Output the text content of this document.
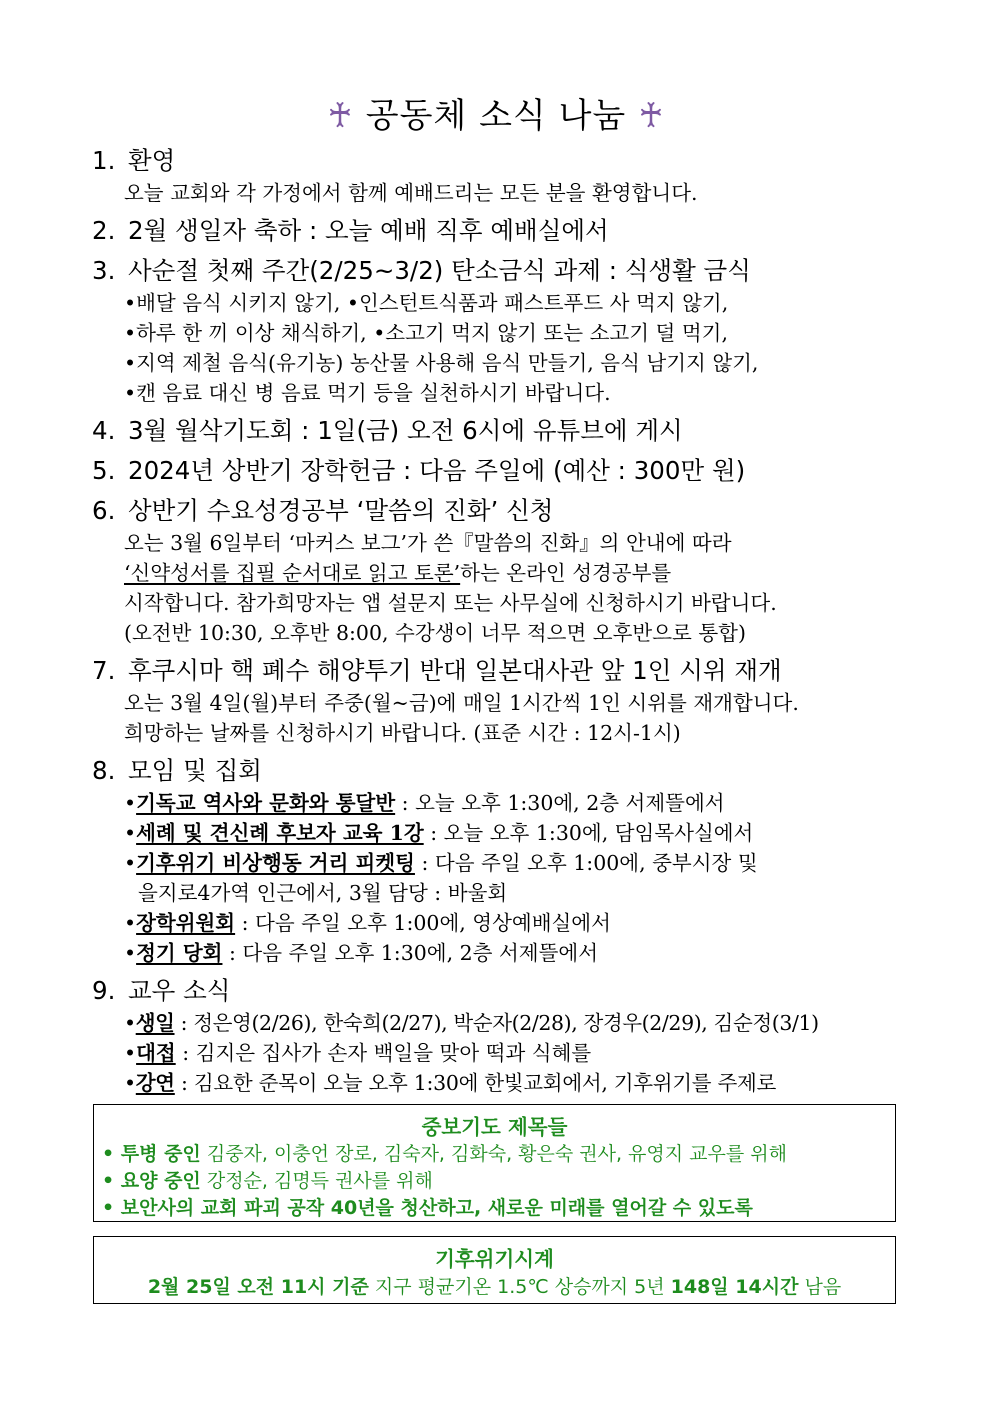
♰ 공동체 소식 나눔 ♰
1. 환영
오늘 교회와 각 가정에서 함께 예배드리는 모든 분을 환영합니다.
2. 2월 생일자 축하 : 오늘 예배 직후 예배실에서
3. 사순절 첫째 주간(2/25~3/2) 탄소금식 과제 : 식생활 금식
•배달 음식 시키지 않기, •인스턴트식품과 패스트푸드 사 먹지 않기,
•하루 한 끼 이상 채식하기, •소고기 먹지 않기 또는 소고기 덜 먹기,
•지역 제철 음식(유기농) 농산물 사용해 음식 만들기, 음식 남기지 않기,
•캔 음료 대신 병 음료 먹기 등을 실천하시기 바랍니다.
4. 3월 월삭기도회 : 1일(금) 오전 6시에 유튜브에 게시
5. 2024년 상반기 장학헌금 : 다음 주일에 (예산 : 300만 원)
6. 상반기 수요성경공부 ‘말씀의 진화’ 신청
오는 3월 6일부터 ‘마커스 보그’가 쓴『말씀의 진화』의 안내에 따라
‘신약성서를 집필 순서대로 읽고 토론’하는 온라인 성경공부를
시작합니다. 참가희망자는 앱 설문지 또는 사무실에 신청하시기 바랍니다.
(오전반 10:30, 오후반 8:00, 수강생이 너무 적으면 오후반으로 통합)
7. 후쿠시마 핵 폐수 해양투기 반대 일본대사관 앞 1인 시위 재개
오는 3월 4일(월)부터 주중(월~금)에 매일 1시간씩 1인 시위를 재개합니다.
희망하는 날짜를 신청하시기 바랍니다. (표준 시간 : 12시-1시)
8. 모임 및 집회
•기독교 역사와 문화와 통달반 : 오늘 오후 1:30에, 2층 서제뜰에서
•세례 및 견신례 후보자 교육 1강 : 오늘 오후 1:30에, 담임목사실에서
•기후위기 비상행동 거리 피켓팅 : 다음 주일 오후 1:00에, 중부시장 및
을지로4가역 인근에서, 3월 담당 : 바울회
•장학위원회 : 다음 주일 오후 1:00에, 영상예배실에서
•정기 당회 : 다음 주일 오후 1:30에, 2층 서제뜰에서
9. 교우 소식
•생일 : 정은영(2/26), 한숙희(2/27), 박순자(2/28), 장경우(2/29), 김순정(3/1)
•대접 : 김지은 집사가 손자 백일을 맞아 떡과 식혜를
•강연 : 김요한 준목이 오늘 오후 1:30에 한빛교회에서, 기후위기를 주제로
중보기도 제목들
• 투병 중인 김중자, 이충언 장로, 김숙자, 김화숙, 황은숙 권사, 유영지 교우를 위해
• 요양 중인 강정순, 김명득 권사를 위해
• 보안사의 교회 파괴 공작 40년을 청산하고, 새로운 미래를 열어갈 수 있도록
기후위기시계
2월 25일 오전 11시 기준 지구 평균기온 1.5℃ 상승까지 5년 148일 14시간 남음
